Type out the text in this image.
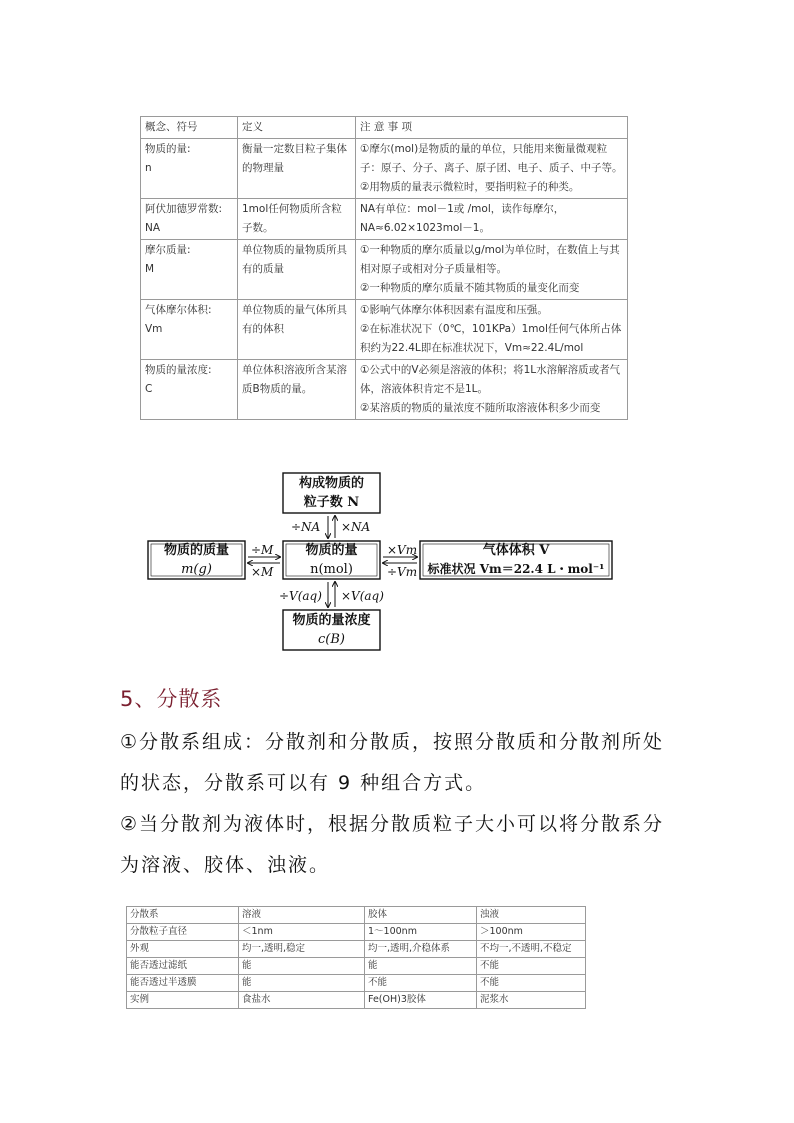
概念、符号	定义	注 意 事 项
物质的量:
n	衡量一定数目粒子集体的物理量	①摩尔(mol)是物质的量的单位，只能用来衡量微观粒子：原子、分子、离子、原子团、电子、质子、中子等。
②用物质的量表示微粒时，要指明粒子的种类。
阿伏加德罗常数:
NA	1mol任何物质所含粒子数。	NA有单位：mol－1或 /mol，读作每摩尔，
NA≈6.02×1023mol－1。
摩尔质量:
M	单位物质的量物质所具有的质量	①一种物质的摩尔质量以g/mol为单位时，在数值上与其相对原子或相对分子质量相等。
②一种物质的摩尔质量不随其物质的量变化而变
气体摩尔体积:
Vm	单位物质的量气体所具有的体积	①影响气体摩尔体积因素有温度和压强。
②在标准状况下（0℃，101KPa）1mol任何气体所占体积约为22.4L即在标准状况下，Vm≈22.4L/mol
物质的量浓度:
C	单位体积溶液所含某溶质B物质的量。	①公式中的V必须是溶液的体积；将1L水溶解溶质或者气体，溶液体积肯定不是1L。
②某溶质的物质的量浓度不随所取溶液体积多少而变
构成物质的
粒子数 N
物质的质量
m(g)
物质的量
n(mol)
气体体积 V
标准状况 Vm＝22.4 L・mol⁻¹
物质的量浓度
c(B)
÷NA ×NA
÷M
×M
×Vm
÷Vm
÷V(aq) ×V(aq)
5、分散系
①分散系组成：分散剂和分散质，按照分散质和分散剂所处的状态，分散系可以有 9 种组合方式。
②当分散剂为液体时，根据分散质粒子大小可以将分散系分为溶液、胶体、浊液。
分散系	溶液	胶体	浊液
分散粒子直径	＜1nm	1～100nm	＞100nm
外观	均一,透明,稳定	均一,透明,介稳体系	不均一,不透明,不稳定
能否透过滤纸	能	能	不能
能否透过半透膜	能	不能	不能
实例	食盐水	Fe(OH)3胶体	泥浆水
